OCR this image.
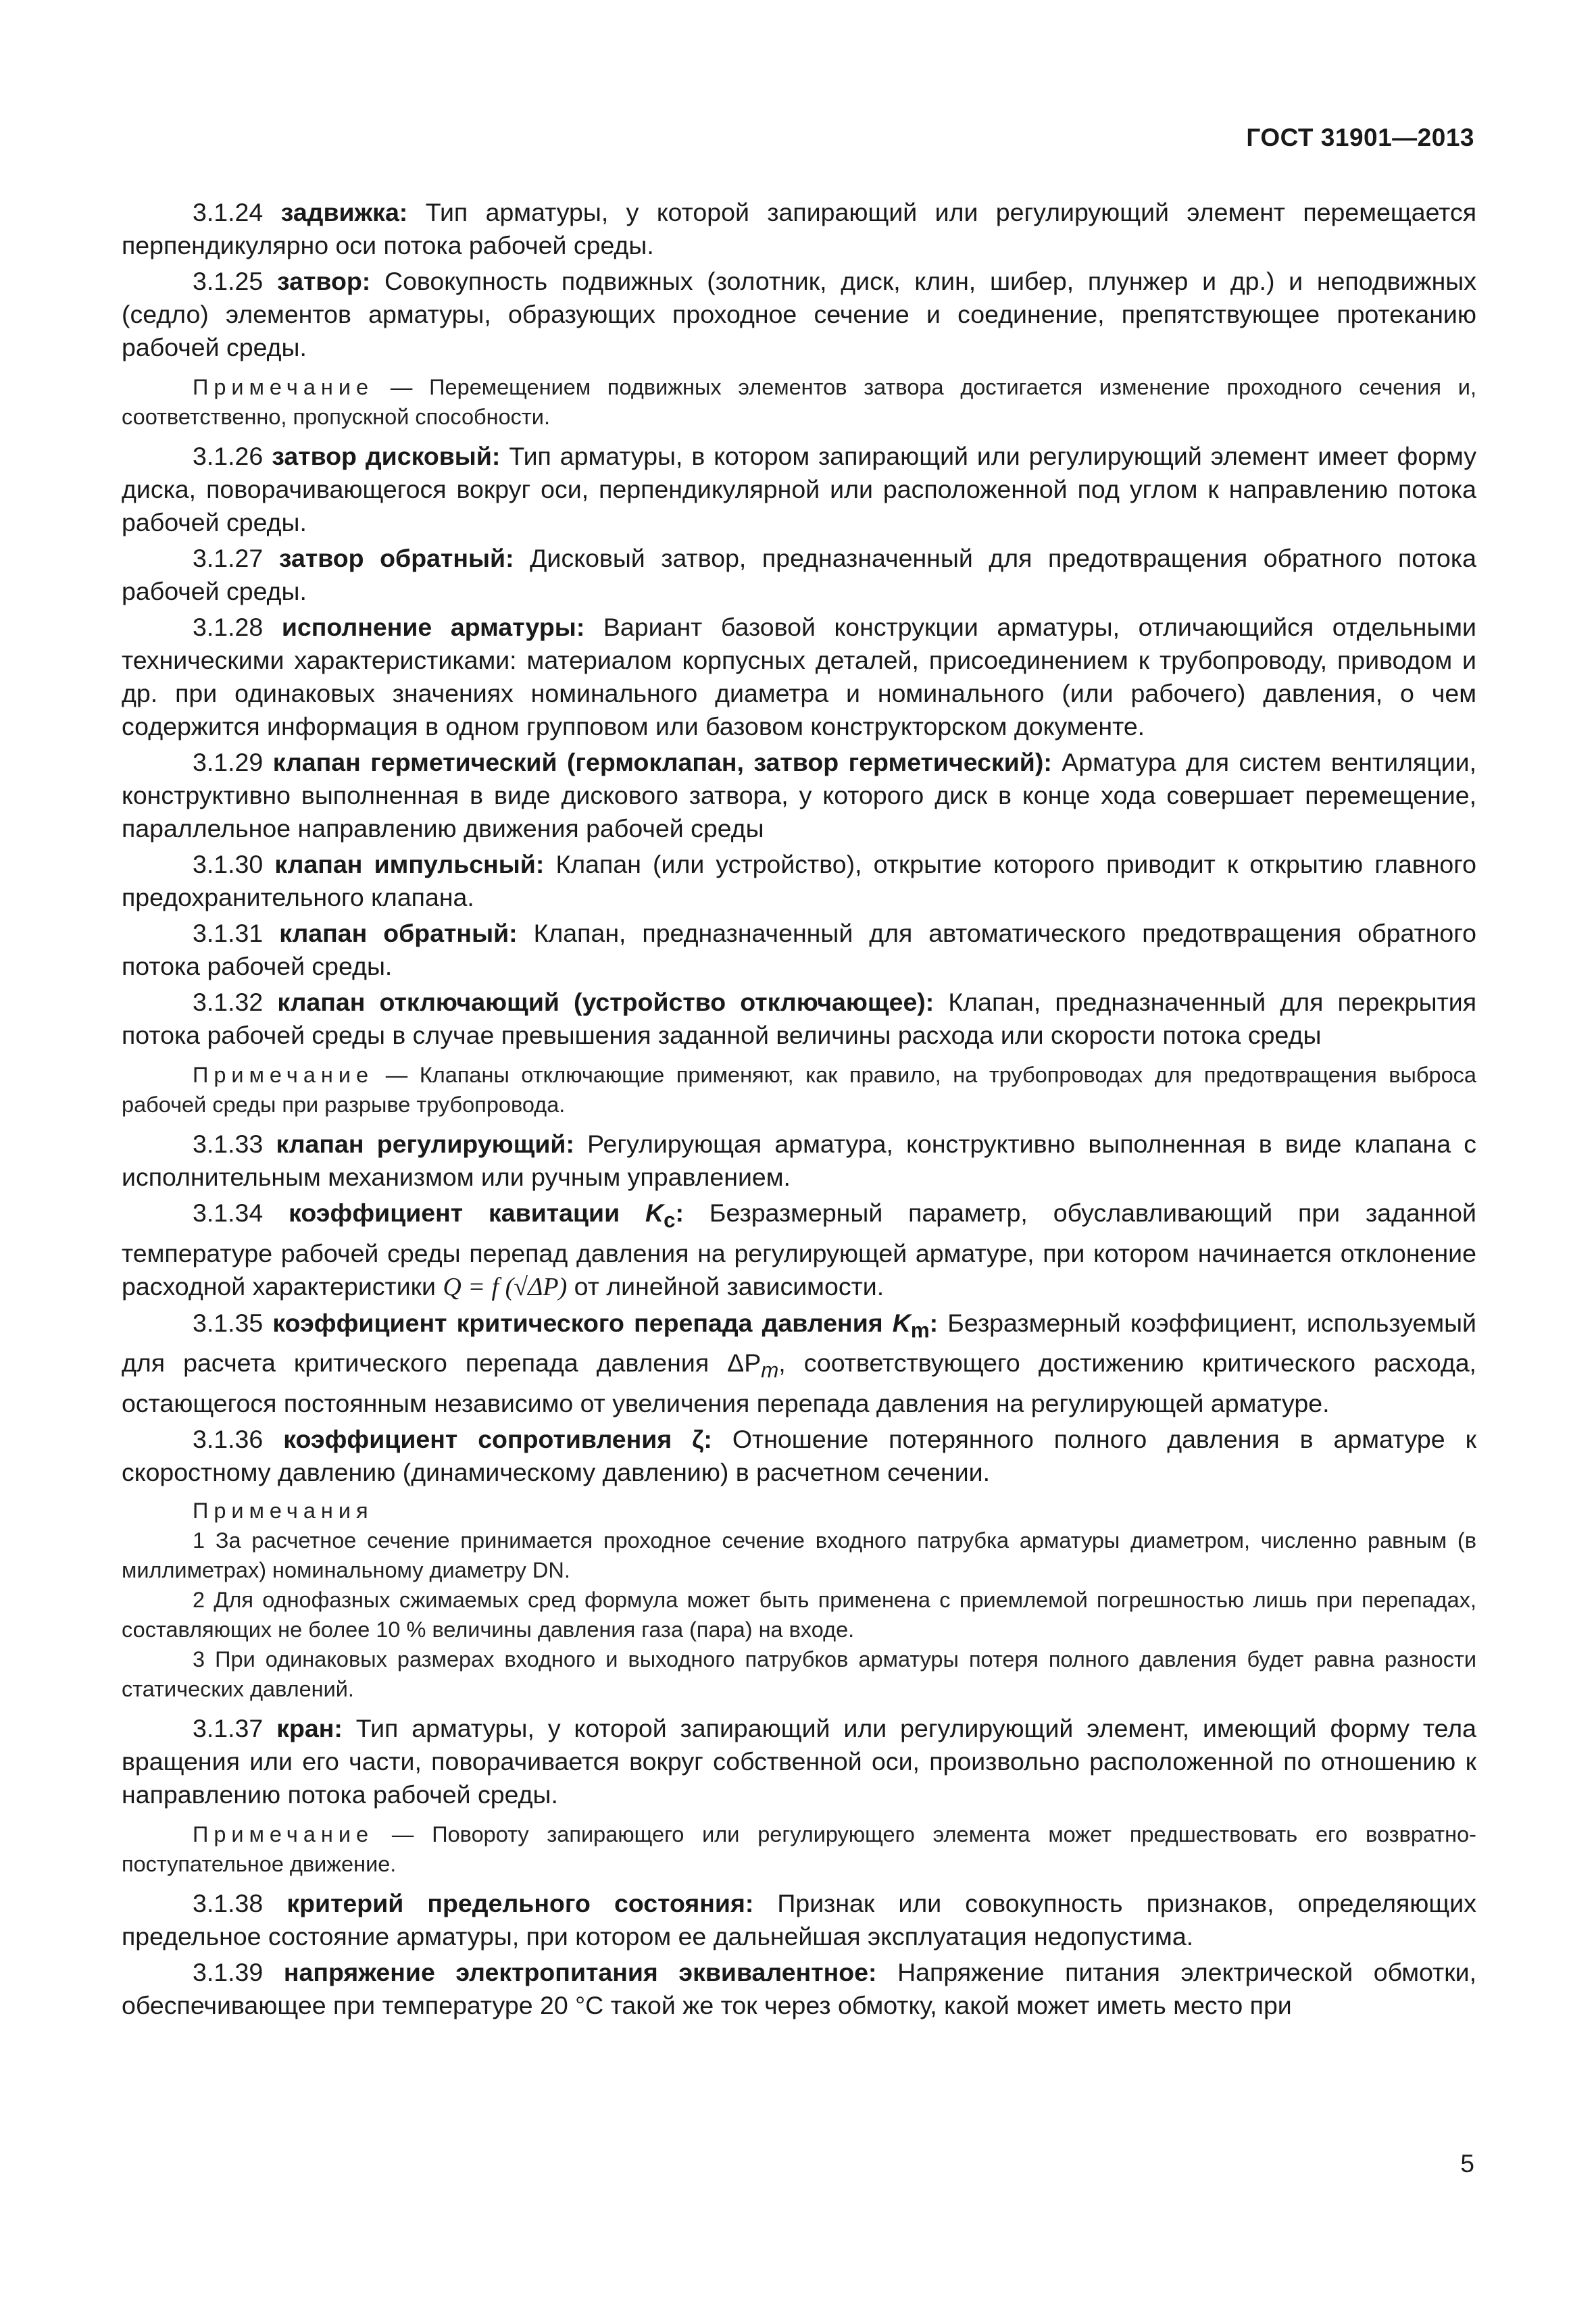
ГОСТ 31901—2013

3.1.24 задвижка: Тип арматуры, у которой запирающий или регулирующий элемент перемещается перпендикулярно оси потока рабочей среды.

3.1.25 затвор: Совокупность подвижных (золотник, диск, клин, шибер, плунжер и др.) и неподвижных (седло) элементов арматуры, образующих проходное сечение и соединение, препятствующее протеканию рабочей среды.

Примечание — Перемещением подвижных элементов затвора достигается изменение проходного сечения и, соответственно, пропускной способности.

3.1.26 затвор дисковый: Тип арматуры, в котором запирающий или регулирующий элемент имеет форму диска, поворачивающегося вокруг оси, перпендикулярной или расположенной под углом к направлению потока рабочей среды.

3.1.27 затвор обратный: Дисковый затвор, предназначенный для предотвращения обратного потока рабочей среды.

3.1.28 исполнение арматуры: Вариант базовой конструкции арматуры, отличающийся отдельными техническими характеристиками: материалом корпусных деталей, присоединением к трубопроводу, приводом и др. при одинаковых значениях номинального диаметра и номинального (или рабочего) давления, о чем содержится информация в одном групповом или базовом конструкторском документе.

3.1.29 клапан герметический (гермоклапан, затвор герметический): Арматура для систем вентиляции, конструктивно выполненная в виде дискового затвора, у которого диск в конце хода совершает перемещение, параллельное направлению движения рабочей среды

3.1.30 клапан импульсный: Клапан (или устройство), открытие которого приводит к открытию главного предохранительного клапана.

3.1.31 клапан обратный: Клапан, предназначенный для автоматического предотвращения обратного потока рабочей среды.

3.1.32 клапан отключающий (устройство отключающее): Клапан, предназначенный для перекрытия потока рабочей среды в случае превышения заданной величины расхода или скорости потока среды

Примечание — Клапаны отключающие применяют, как правило, на трубопроводах для предотвращения выброса рабочей среды при разрыве трубопровода.

3.1.33 клапан регулирующий: Регулирующая арматура, конструктивно выполненная в виде клапана с исполнительным механизмом или ручным управлением.

3.1.34 коэффициент кавитации $K_c$: Безразмерный параметр, обуславливающий при заданной температуре рабочей среды перепад давления на регулирующей арматуре, при котором начинается отклонение расходной характеристики Q = f (√ΔP) от линейной зависимости.

3.1.35 коэффициент критического перепада давления $K_m$: Безразмерный коэффициент, используемый для расчета критического перепада давления $\Delta P_m$, соответствующего достижению критического расхода, остающегося постоянным независимо от увеличения перепада давления на регулирующей арматуре.

3.1.36 коэффициент сопротивления ζ: Отношение потерянного полного давления в арматуре к скоростному давлению (динамическому давлению) в расчетном сечении.

Примечания

1 За расчетное сечение принимается проходное сечение входного патрубка арматуры диаметром, численно равным (в миллиметрах) номинальному диаметру DN.

2 Для однофазных сжимаемых сред формула может быть применена с приемлемой погрешностью лишь при перепадах, составляющих не более 10 % величины давления газа (пара) на входе.

3 При одинаковых размерах входного и выходного патрубков арматуры потеря полного давления будет равна разности статических давлений.

3.1.37 кран: Тип арматуры, у которой запирающий или регулирующий элемент, имеющий форму тела вращения или его части, поворачивается вокруг собственной оси, произвольно расположенной по отношению к направлению потока рабочей среды.

Примечание — Повороту запирающего или регулирующего элемента может предшествовать его возвратно-поступательное движение.

3.1.38 критерий предельного состояния: Признак или совокупность признаков, определяющих предельное состояние арматуры, при котором ее дальнейшая эксплуатация недопустима.

3.1.39 напряжение электропитания эквивалентное: Напряжение питания электрической обмотки, обеспечивающее при температуре 20 °С такой же ток через обмотку, какой может иметь место при

5
